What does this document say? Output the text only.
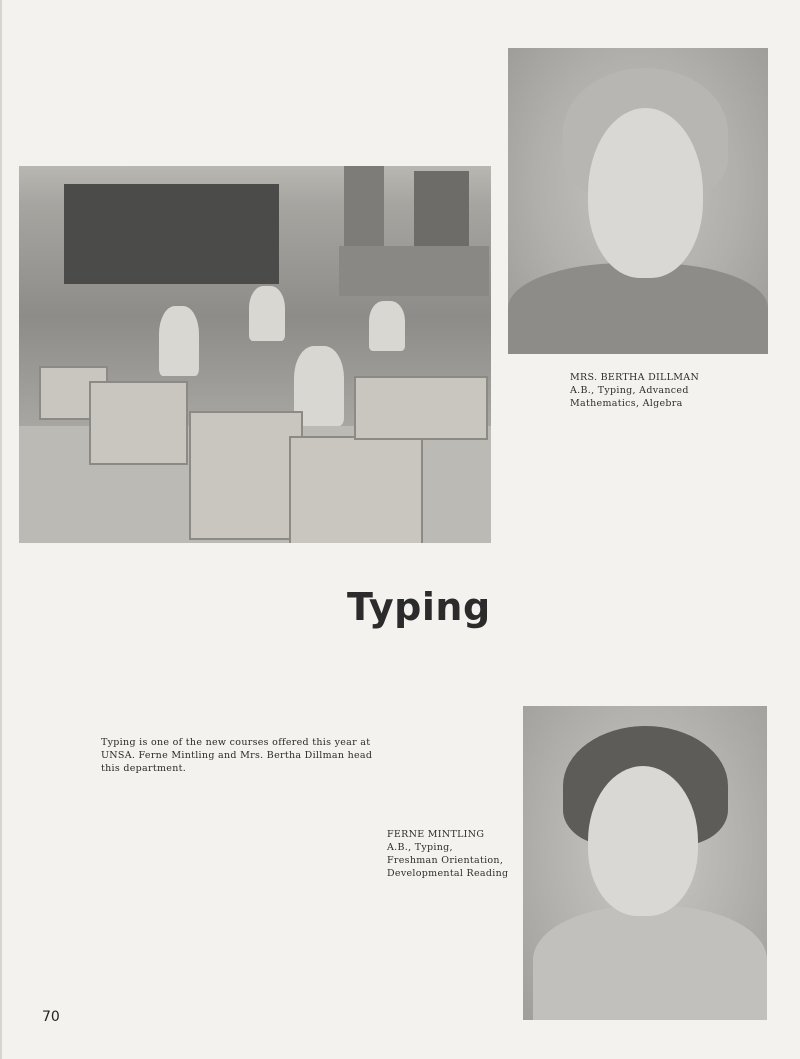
MRS. BERTHA DILLMAN
A.B., Typing, Advanced
Mathematics, Algebra
Typing
Typing is one of the new courses offered this year at
UNSA. Ferne Mintling and Mrs. Bertha Dillman head
this department.
FERNE MINTLING
A.B., Typing,
Freshman Orientation,
Developmental Reading
70
